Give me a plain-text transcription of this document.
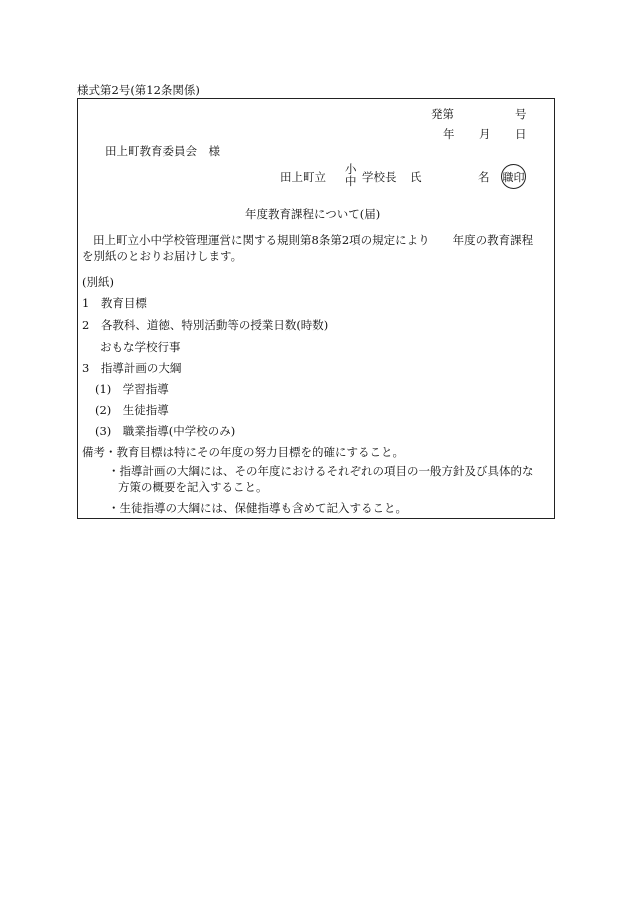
様式第2号(第12条関係)
発第	号
年 月 日
田上町教育委員会　様
田上町立
小
中 学校長 氏	名 職印
年度教育課程について(届)
田上町立小中学校管理運営に関する規則第8条第2項の規定により　　年度の教育課程
を別紙のとおりお届けします。
(別紙)
1　教育目標
2　各教科、道徳、特別活動等の授業日数(時数)
おもな学校行事
3　指導計画の大綱
(1)　学習指導
(2)　生徒指導
(3)　職業指導(中学校のみ)
備考・教育目標は特にその年度の努力目標を的確にすること。
・指導計画の大綱には、その年度におけるそれぞれの項目の一般方針及び具体的な
方策の概要を記入すること。
・生徒指導の大綱には、保健指導も含めて記入すること。
